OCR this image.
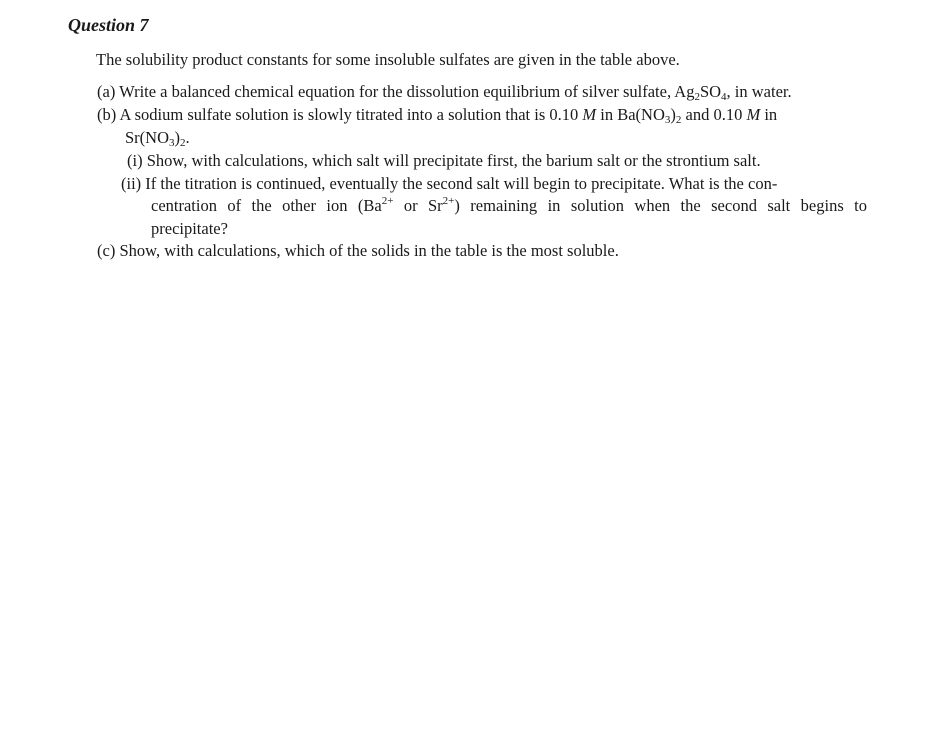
Question 7
The solubility product constants for some insoluble sulfates are given in the table above.
(a) Write a balanced chemical equation for the dissolution equilibrium of silver sulfate, $Ag_2SO_4$, in water.
(b) A sodium sulfate solution is slowly titrated into a solution that is 0.10 M in $Ba(NO_3)_2$ and 0.10 M in
$Sr(NO_3)_2$.
(i) Show, with calculations, which salt will precipitate first, the barium salt or the strontium salt.
(ii) If the titration is continued, eventually the second salt will begin to precipitate. What is the con-
centration of the other ion ($Ba^{2+}$ or $Sr^{2+}$) remaining in solution when the second salt begins to
precipitate?
(c) Show, with calculations, which of the solids in the table is the most soluble.
